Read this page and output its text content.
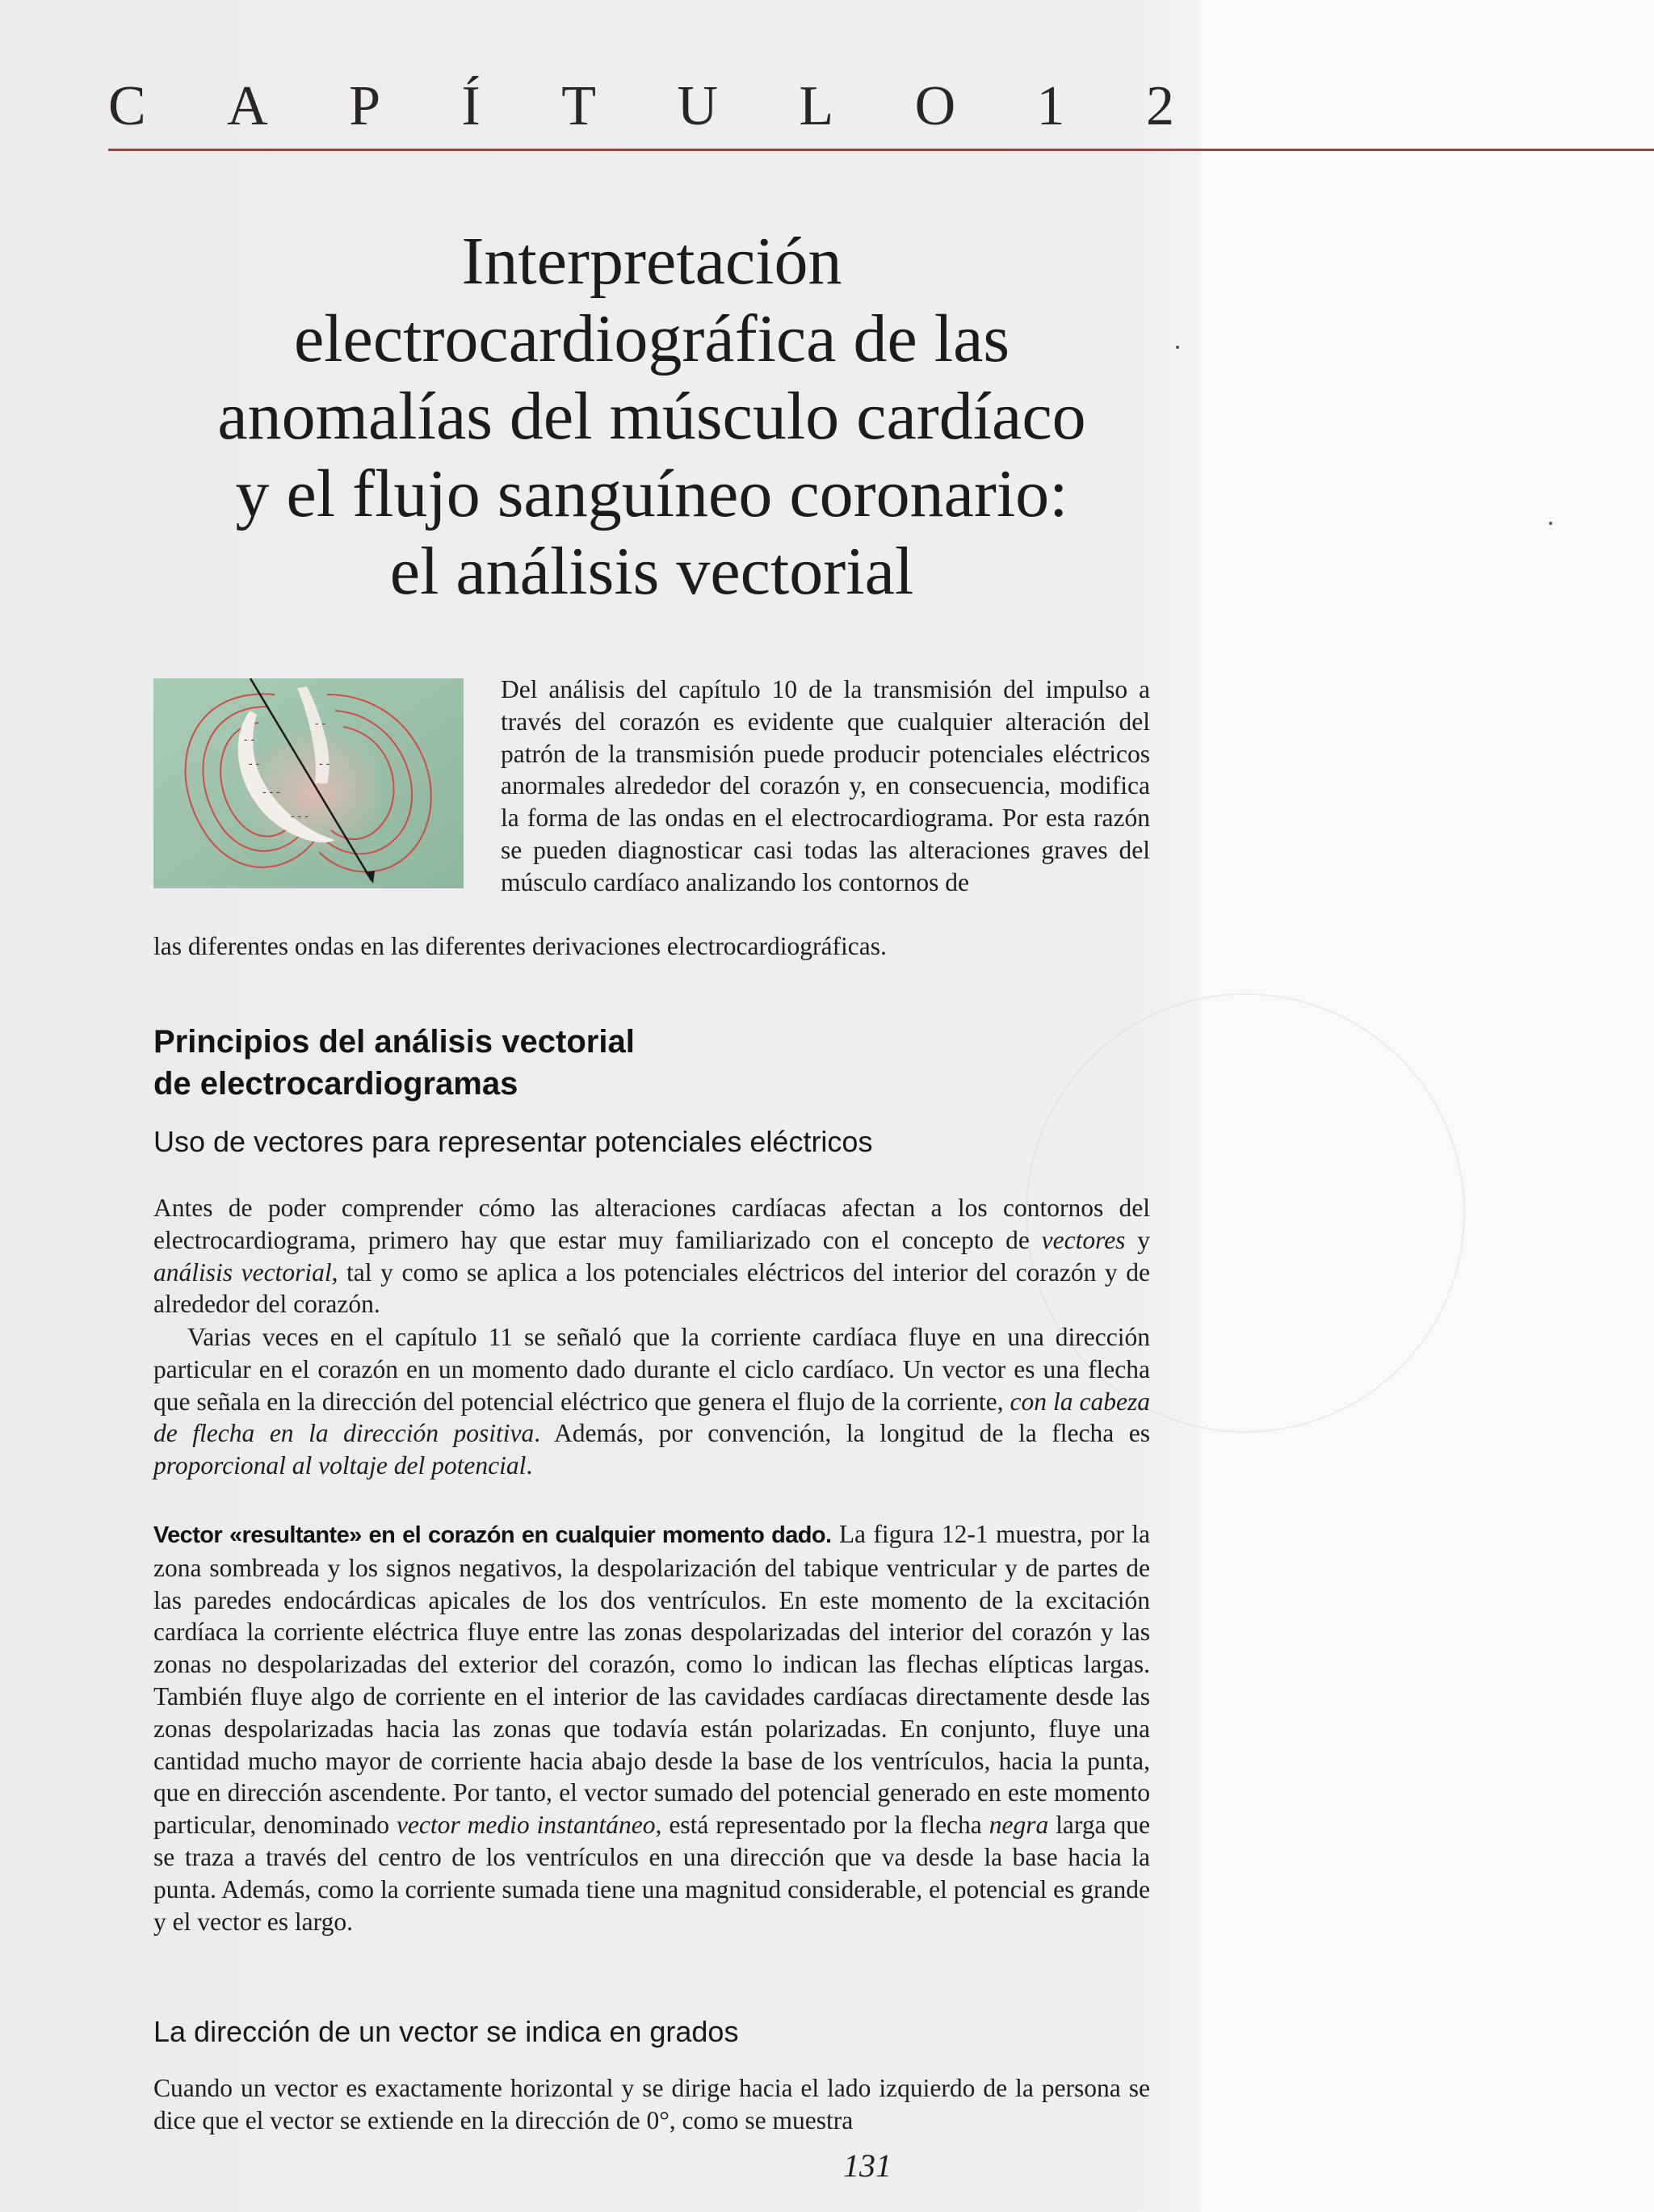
C A P Í T U L O 1 2
Interpretación
electrocardiográfica de las
anomalías del músculo cardíaco
y el flujo sanguíneo coronario:
el análisis vectorial
- -
- -
- - -
- - -
- -
- -

Del análisis del capítulo 10 de la transmisión del impulso a través del corazón es evidente que cualquier alteración del patrón de la transmisión puede producir potenciales eléctricos anormales alrededor del corazón y, en consecuencia, modifica la forma de las ondas en el electrocardiograma. Por esta razón se pueden diagnosticar casi todas las alteraciones graves del músculo cardíaco analizando los contornos de

las diferentes ondas en las diferentes derivaciones electrocardiográficas.

Principios del análisis vectorial
de electrocardiogramas
Uso de vectores para representar potenciales eléctricos

Antes de poder comprender cómo las alteraciones cardíacas afectan a los contornos del electrocardiograma, primero hay que estar muy familiarizado con el concepto de vectores y análisis vectorial, tal y como se aplica a los potenciales eléctricos del interior del corazón y de alrededor del corazón.

Varias veces en el capítulo 11 se señaló que la corriente cardíaca fluye en una dirección particular en el corazón en un momento dado durante el ciclo cardíaco. Un vector es una flecha que señala en la dirección del potencial eléctrico que genera el flujo de la corriente, con la cabeza de flecha en la dirección positiva. Además, por convención, la longitud de la flecha es proporcional al voltaje del potencial.

Vector «resultante» en el corazón en cualquier momento dado. La figura 12-1 muestra, por la zona sombreada y los signos negativos, la despolarización del tabique ventricular y de partes de las paredes endocárdicas apicales de los dos ventrículos. En este momento de la excitación cardíaca la corriente eléctrica fluye entre las zonas despolarizadas del interior del corazón y las zonas no despolarizadas del exterior del corazón, como lo indican las flechas elípticas largas. También fluye algo de corriente en el interior de las cavidades cardíacas directamente desde las zonas despolarizadas hacia las zonas que todavía están polarizadas. En conjunto, fluye una cantidad mucho mayor de corriente hacia abajo desde la base de los ventrículos, hacia la punta, que en dirección ascendente. Por tanto, el vector sumado del potencial generado en este momento particular, denominado vector medio instantáneo, está representado por la flecha negra larga que se traza a través del centro de los ventrículos en una dirección que va desde la base hacia la punta. Además, como la corriente sumada tiene una magnitud considerable, el potencial es grande y el vector es largo.

La dirección de un vector se indica en grados

Cuando un vector es exactamente horizontal y se dirige hacia el lado izquierdo de la persona se dice que el vector se extiende en la dirección de 0°, como se muestra

131
